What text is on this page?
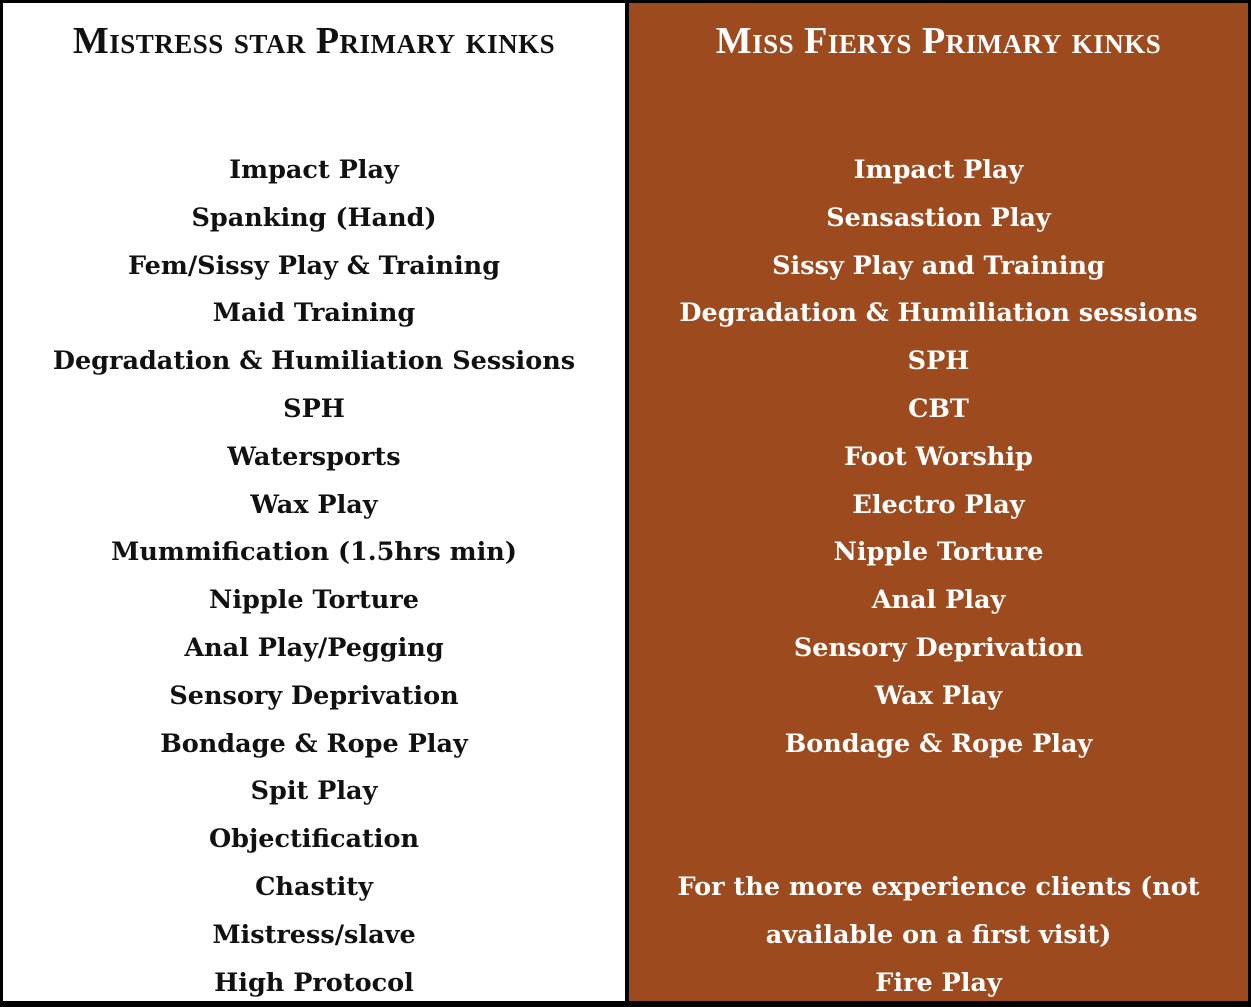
Mistress star Primary kinks
Impact Play
Spanking (Hand)
Fem/Sissy Play & Training
Maid Training
Degradation & Humiliation Sessions
SPH
Watersports
Wax Play
Mummification (1.5hrs min)
Nipple Torture
Anal Play/Pegging
Sensory Deprivation
Bondage & Rope Play
Spit Play
Objectification
Chastity
Mistress/slave
High Protocol
Miss Fierys Primary kinks
Impact Play
Sensastion Play
Sissy Play and Training
Degradation & Humiliation sessions
SPH
CBT
Foot Worship
Electro Play
Nipple Torture
Anal Play
Sensory Deprivation
Wax Play
Bondage & Rope Play
For the more experience clients (not
available on a first visit)
Fire Play
